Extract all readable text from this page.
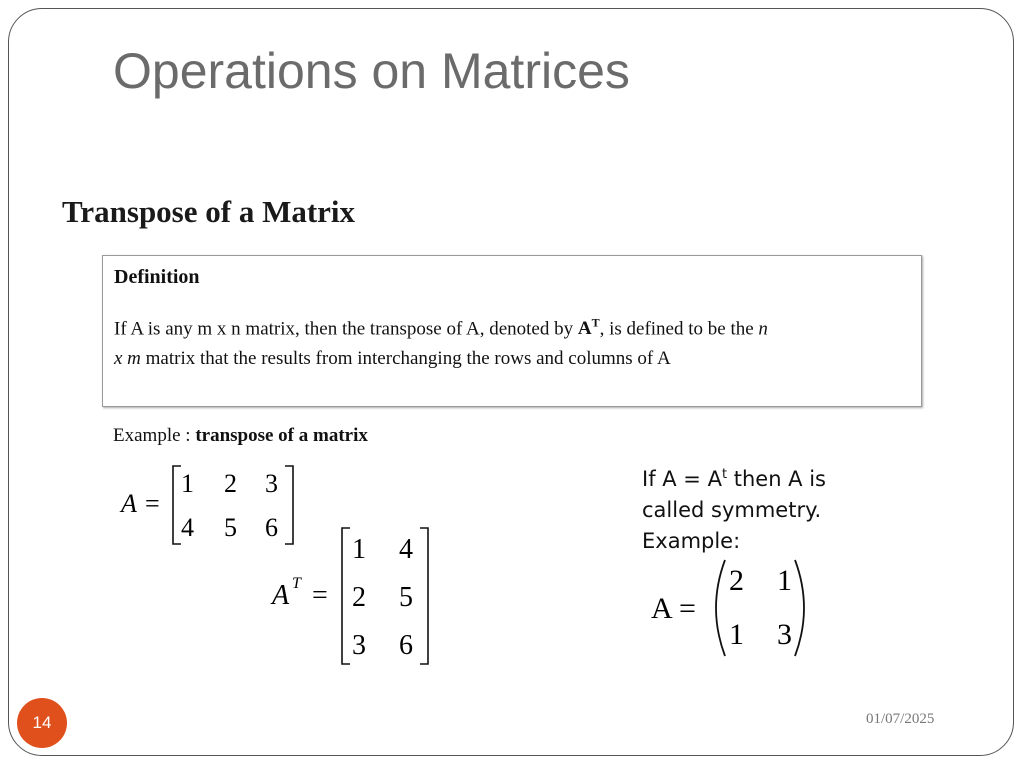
Operations on Matrices
Transpose of a Matrix
Definition
If A is any m x n matrix, then the transpose of A, denoted by $A^T$, is defined to be the n
x m matrix that the results from interchanging the rows and columns of A
Example : transpose of a matrix
A =
1 2 3
4 5 6
A T =
1 4
2 5
3 6
If $A = A^t$ then A is
called symmetry.
Example:
A =
2 1
1 3
14	01/07/2025
